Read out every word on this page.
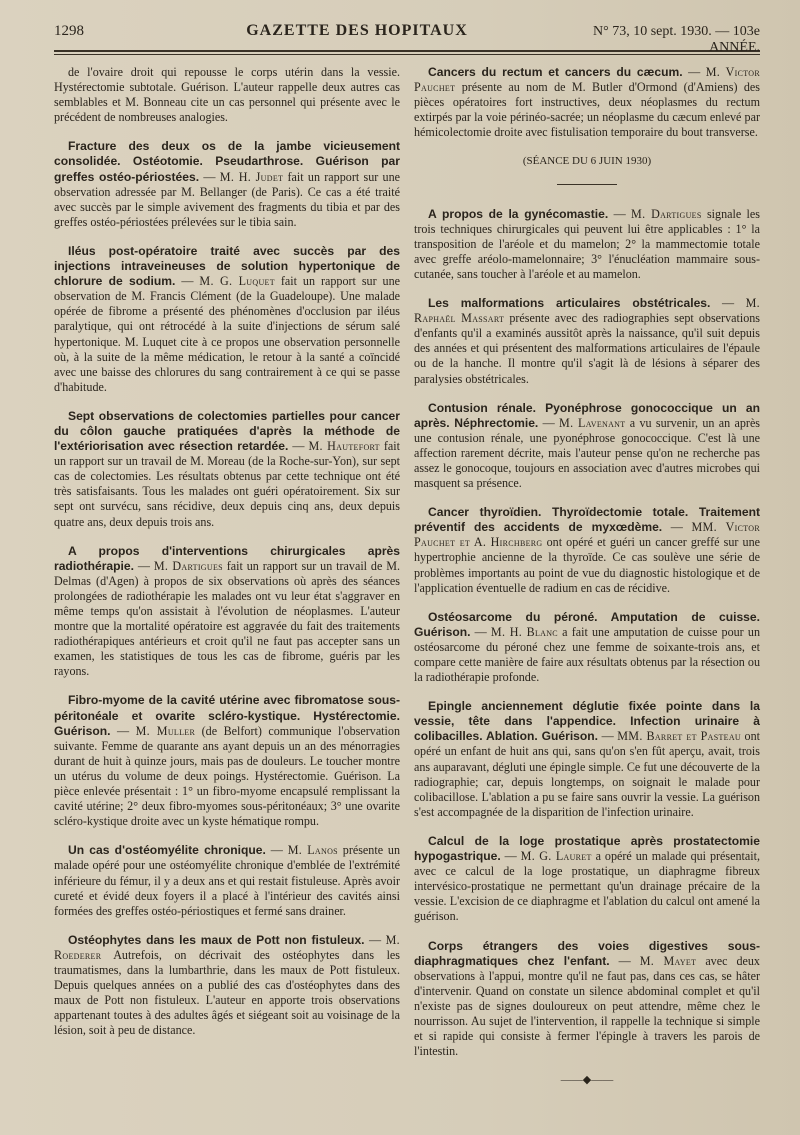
1298	GAZETTE DES HOPITAUX	N° 73, 10 sept. 1930. — 103e ANNÉE.

de l'ovaire droit qui repousse le corps utérin dans la vessie. Hystérectomie subtotale. Guérison. L'auteur rappelle deux autres cas semblables et M. Bonneau cite un cas personnel qui présente avec le précédent de nombreuses analogies.

Fracture des deux os de la jambe vicieusement consolidée. Ostéotomie. Pseudarthrose. Guérison par greffes ostéo-périostées. — M. H. Judet fait un rapport sur une observation adressée par M. Bellanger (de Paris). Ce cas a été traité avec succès par le simple avivement des fragments du tibia et par des greffes ostéo-périostées prélevées sur le tibia sain.

Iléus post-opératoire traité avec succès par des injections intraveineuses de solution hypertonique de chlorure de sodium. — M. G. Luquet fait un rapport sur une observation de M. Francis Clément (de la Guadeloupe). Une malade opérée de fibrome a présenté des phénomènes d'occlusion par iléus paralytique, qui ont rétrocédé à la suite d'injections de sérum salé hypertonique. M. Luquet cite à ce propos une observation personnelle où, à la suite de la même médication, le retour à la santé a coïncidé avec une baisse des chlorures du sang contrairement à ce qui se passe d'habitude.

Sept observations de colectomies partielles pour cancer du côlon gauche pratiquées d'après la méthode de l'extériorisation avec résection retardée. — M. Hautefort fait un rapport sur un travail de M. Moreau (de la Roche-sur-Yon), sur sept cas de colectomies. Les résultats obtenus par cette technique ont été très satisfaisants. Tous les malades ont guéri opératoirement. Six sur sept ont survécu, sans récidive, deux depuis cinq ans, deux depuis quatre ans, deux depuis trois ans.

A propos d'interventions chirurgicales après radiothérapie. — M. Dartigues fait un rapport sur un travail de M. Delmas (d'Agen) à propos de six observations où après des séances prolongées de radiothérapie les malades ont vu leur état s'aggraver en même temps qu'on assistait à l'évolution de néoplasmes. L'auteur montre que la mortalité opératoire est aggravée du fait des traitements radiothérapiques antérieurs et croit qu'il ne faut pas accepter sans un examen, les statistiques de tous les cas de fibrome, guéris par les rayons.

Fibro-myome de la cavité utérine avec fibromatose sous-péritonéale et ovarite scléro-kystique. Hystérectomie. Guérison. — M. Muller (de Belfort) communique l'observation suivante. Femme de quarante ans ayant depuis un an des ménorragies durant de huit à quinze jours, mais pas de douleurs. Le toucher montre un utérus du volume de deux poings. Hystérectomie. Guérison. La pièce enlevée présentait : 1° un fibro-myome encapsulé remplissant la cavité utérine; 2° deux fibro-myomes sous-péritonéaux; 3° une ovarite scléro-kystique droite avec un kyste hématique rompu.

Un cas d'ostéomyélite chronique. — M. Lanos présente un malade opéré pour une ostéomyélite chronique d'emblée de l'extrémité inférieure du fémur, il y a deux ans et qui restait fistuleuse. Après avoir cureté et évidé deux foyers il a placé à l'intérieur des cavités ainsi formées des greffes ostéo-périostiques et fermé sans drainer.

Ostéophytes dans les maux de Pott non fistuleux. — M. Roederer Autrefois, on décrivait des ostéophytes dans les traumatismes, dans la lumbarthrie, dans les maux de Pott fistuleux. Depuis quelques années on a publié des cas d'ostéophytes dans des maux de Pott non fistuleux. L'auteur en apporte trois observations appartenant toutes à des adultes âgés et siégeant soit au voisinage de la lésion, soit à peu de distance.

Cancers du rectum et cancers du cæcum. — M. Victor Pauchet présente au nom de M. Butler d'Ormond (d'Amiens) des pièces opératoires fort instructives, deux néoplasmes du rectum extirpés par la voie périnéo-sacrée; un néoplasme du cæcum enlevé par hémicolectomie droite avec fistulisation temporaire du bout transverse.

(SÉANCE DU 6 JUIN 1930)

A propos de la gynécomastie. — M. Dartigues signale les trois techniques chirurgicales qui peuvent lui être applicables : 1° la transposition de l'aréole et du mamelon; 2° la mammectomie totale avec greffe aréolo-mamelonnaire; 3° l'énucléation mammaire sous-cutanée, sans toucher à l'aréole et au mamelon.

Les malformations articulaires obstétricales. — M. Raphaël Massart présente avec des radiographies sept observations d'enfants qu'il a examinés aussitôt après la naissance, qu'il suit depuis des années et qui présentent des malformations articulaires de l'épaule ou de la hanche. Il montre qu'il s'agit là de lésions à séparer des paralysies obstétricales.

Contusion rénale. Pyonéphrose gonococcique un an après. Néphrectomie. — M. Lavenant a vu survenir, un an après une contusion rénale, une pyonéphrose gonococcique. C'est là une affection rarement décrite, mais l'auteur pense qu'on ne recherche pas assez le gonocoque, toujours en association avec d'autres microbes qui masquent sa présence.

Cancer thyroïdien. Thyroïdectomie totale. Traitement préventif des accidents de myxœdème. — MM. Victor Pauchet et A. Hirchberg ont opéré et guéri un cancer greffé sur une hypertrophie ancienne de la thyroïde. Ce cas soulève une série de problèmes importants au point de vue du diagnostic histologique et de l'application éventuelle de radium en cas de récidive.

Ostéosarcome du péroné. Amputation de cuisse. Guérison. — M. H. Blanc a fait une amputation de cuisse pour un ostéosarcome du péroné chez une femme de soixante-trois ans, et compare cette manière de faire aux résultats obtenus par la résection ou la radiothérapie profonde.

Epingle anciennement déglutie fixée pointe dans la vessie, tête dans l'appendice. Infection urinaire à colibacilles. Ablation. Guérison. — MM. Barret et Pasteau ont opéré un enfant de huit ans qui, sans qu'on s'en fût aperçu, avait, trois ans auparavant, dégluti une épingle simple. Ce fut une découverte de la radiographie; car, depuis longtemps, on soignait le malade pour colibacillose. L'ablation a pu se faire sans ouvrir la vessie. La guérison s'est accompagnée de la disparition de l'infection urinaire.

Calcul de la loge prostatique après prostatectomie hypogastrique. — M. G. Lauret a opéré un malade qui présentait, avec ce calcul de la loge prostatique, un diaphragme fibreux intervésico-prostatique ne permettant qu'un drainage précaire de la vessie. L'excision de ce diaphragme et l'ablation du calcul ont amené la guérison.

Corps étrangers des voies digestives sous-diaphragmatiques chez l'enfant. — M. Mayet avec deux observations à l'appui, montre qu'il ne faut pas, dans ces cas, se hâter d'intervenir. Quand on constate un silence abdominal complet et qu'il n'existe pas de signes douloureux on peut attendre, même chez le nourrisson. Au sujet de l'intervention, il rappelle la technique si simple et si rapide qui consiste à fermer l'épingle à travers les parois de l'intestin.

——◆——
